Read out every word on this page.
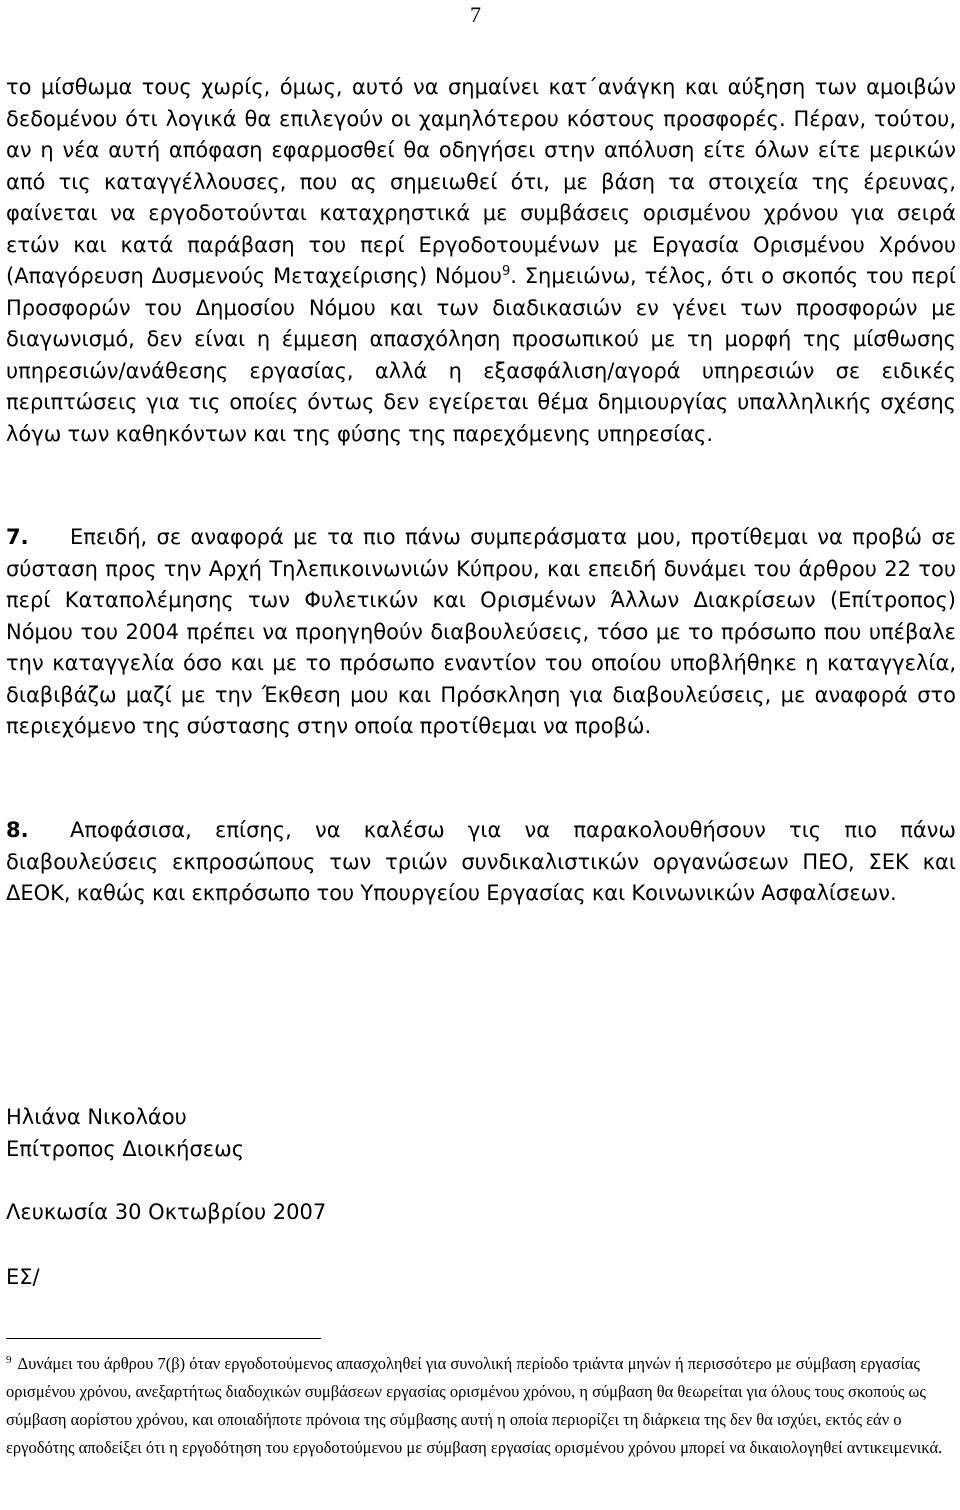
7
το μίσθωμα τους χωρίς, όμως, αυτό να σημαίνει κατ΄ανάγκη και αύξηση των αμοιβών δεδομένου ότι λογικά θα επιλεγούν οι χαμηλότερου κόστους προσφορές. Πέραν, τούτου, αν η νέα αυτή απόφαση εφαρμοσθεί θα οδηγήσει στην απόλυση είτε όλων είτε μερικών από τις καταγγέλλουσες, που ας σημειωθεί ότι, με βάση τα στοιχεία της έρευνας, φαίνεται να εργοδοτούνται καταχρηστικά με συμβάσεις ορισμένου χρόνου για σειρά ετών και κατά παράβαση του περί Εργοδοτουμένων με Εργασία Ορισμένου Χρόνου (Απαγόρευση Δυσμενούς Μεταχείρισης) Νόμου$^9$. Σημειώνω, τέλος, ότι ο σκοπός του περί Προσφορών του Δημοσίου Νόμου και των διαδικασιών εν γένει των προσφορών με διαγωνισμό, δεν είναι η έμμεση απασχόληση προσωπικού με τη μορφή της μίσθωσης υπηρεσιών/ανάθεσης εργασίας, αλλά η εξασφάλιση/αγορά υπηρεσιών σε ειδικές περιπτώσεις για τις οποίες όντως δεν εγείρεται θέμα δημιουργίας υπαλληλικής σχέσης λόγω των καθηκόντων και της φύσης της παρεχόμενης υπηρεσίας.
7. Επειδή, σε αναφορά με τα πιο πάνω συμπεράσματα μου, προτίθεμαι να προβώ σε σύσταση προς την Αρχή Τηλεπικοινωνιών Κύπρου, και επειδή δυνάμει του άρθρου 22 του περί Καταπολέμησης των Φυλετικών και Ορισμένων Άλλων Διακρίσεων (Επίτροπος) Νόμου του 2004 πρέπει να προηγηθούν διαβουλεύσεις, τόσο με το πρόσωπο που υπέβαλε την καταγγελία όσο και με το πρόσωπο εναντίον του οποίου υποβλήθηκε η καταγγελία, διαβιβάζω μαζί με την Έκθεση μου και Πρόσκληση για διαβουλεύσεις, με αναφορά στο περιεχόμενο της σύστασης στην οποία προτίθεμαι να προβώ.
8. Αποφάσισα, επίσης, να καλέσω για να παρακολουθήσουν τις πιο πάνω διαβουλεύσεις εκπροσώπους των τριών συνδικαλιστικών οργανώσεων ΠΕΟ, ΣΕΚ και ΔΕΟΚ, καθώς και εκπρόσωπο του Υπουργείου Εργασίας και Κοινωνικών Ασφαλίσεων.
Ηλιάνα Νικολάου
Επίτροπος Διοικήσεως
Λευκωσία 30 Οκτωβρίου 2007
ΕΣ/
$^9$ Δυνάμει του άρθρου 7(β) όταν εργοδοτούμενος απασχοληθεί για συνολική περίοδο τριάντα μηνών ή περισσότερο με σύμβαση εργασίας ορισμένου χρόνου, ανεξαρτήτως διαδοχικών συμβάσεων εργασίας ορισμένου χρόνου, η σύμβαση θα θεωρείται για όλους τους σκοπούς ως σύμβαση αορίστου χρόνου, και οποιαδήποτε πρόνοια της σύμβασης αυτή η οποία περιορίζει τη διάρκεια της δεν θα ισχύει, εκτός εάν ο εργοδότης αποδείξει ότι η εργοδότηση του εργοδοτούμενου με σύμβαση εργασίας ορισμένου χρόνου μπορεί να δικαιολογηθεί αντικειμενικά.
